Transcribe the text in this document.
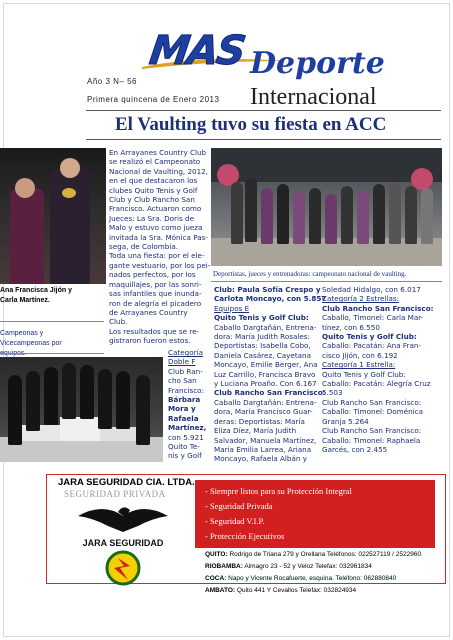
MAS Deporte
Internacional
Año 3 N– 56
Primera quincena de Enero 2013
El Vaulting tuvo su fiesta en ACC
Ana Francisca Jijón y
Carla Martínez.
Campeonas y
Vicecampeonas por
Deportistas, jueces y entrenadoras: campeonato nacional de vaulting.
En Arrayanes Country Club
se realizó el Campeonato
Nacional de Vaulting, 2012,
en el que destacaron los
clubes Quito Tenis y Golf
Club y Club Rancho San
Francisco. Actuaron como
Jueces: La Sra. Doris de
Malo y estuvo como jueza
invitada la Sra. Mónica Pas-
sega, de Colombia.
Toda una fiesta: por el ele-
gante vestuario, por los pei-
nados perfectos, por los
maquillajes, por las sonri-
sas infantiles que inunda-
ron de alegría el picadero
de Arrayanes Country
Club.
Los resultados que se re-
gistraron fueron estos.
Categoría
Doble F
Club Ran-
cho San
Francisco:
Bárbara
Mora y
Rafaela
Martínez,
con 5.921
Quito Te-
nis y Golf
Club: Paula Sofía Crespo y
Carlota Moncayo, con 5.857
Equipos E
Quito Tenis y Golf Club:
Caballo Dargtañán, Entrena-
dora: María Judith Rosales:
Deportistas: Isabella Cobo,
Daniela Casárez, Cayetana
Moncayo, Emilie Berger, Ana
Luz Carrillo, Francisca Bravo
y Luciana Proaño. Con 6.167
Club Rancho San Francisco:
Caballo Dargtañán: Entrena-
dora, María Francisco Guar-
deras: Deportistas: María
Eliza Díez, María Judith
Salvador, Manuela Martínez,
María Emilia Larrea, Ariana
Moncayo, Rafaela Albán y
Soledad Hidalgo, con 6.017
Categoría 2 Estrellas:
Club Rancho San Francisco:
Caballo, Timonel: Carla Mar-
tínez, con 6.550
Quito Tenis y Golf Club:
Caballo: Pacatán: Ana Fran-
cisco Jijón, con 6.192
Categoría 1 Estrella:
Quito Tenis y Golf Club:
Caballo: Pacatán: Alegría Cruz
5.503
Club Rancho San Francisco:
Caballo: Timonel: Doménica
Granja 5.264
Club Rancho San Francisco:
Caballo: Timonel: Raphaela
Garcés, con 2.455
JARA SEGURIDAD CIA. LTDA.
SEGURIDAD PRIVADA
JARA SEGURIDAD
- Siempre listos para su Protección Integral
- Seguridad Privada
- Seguridad V.I.P.
- Protección Ejecutivos
QUITO: Rodrigo de Triana 279 y Orellana Teléfonos: 022527119 / 2522960
RIOBAMBA: Almagro 23 - 52 y Veloz Telefax: 032961834
COCA: Napo y Vicente Rocafuerte, esquina. Teléfono: 062880840
AMBATO: Quito 441 Y Cevallos Telefax: 032824934
